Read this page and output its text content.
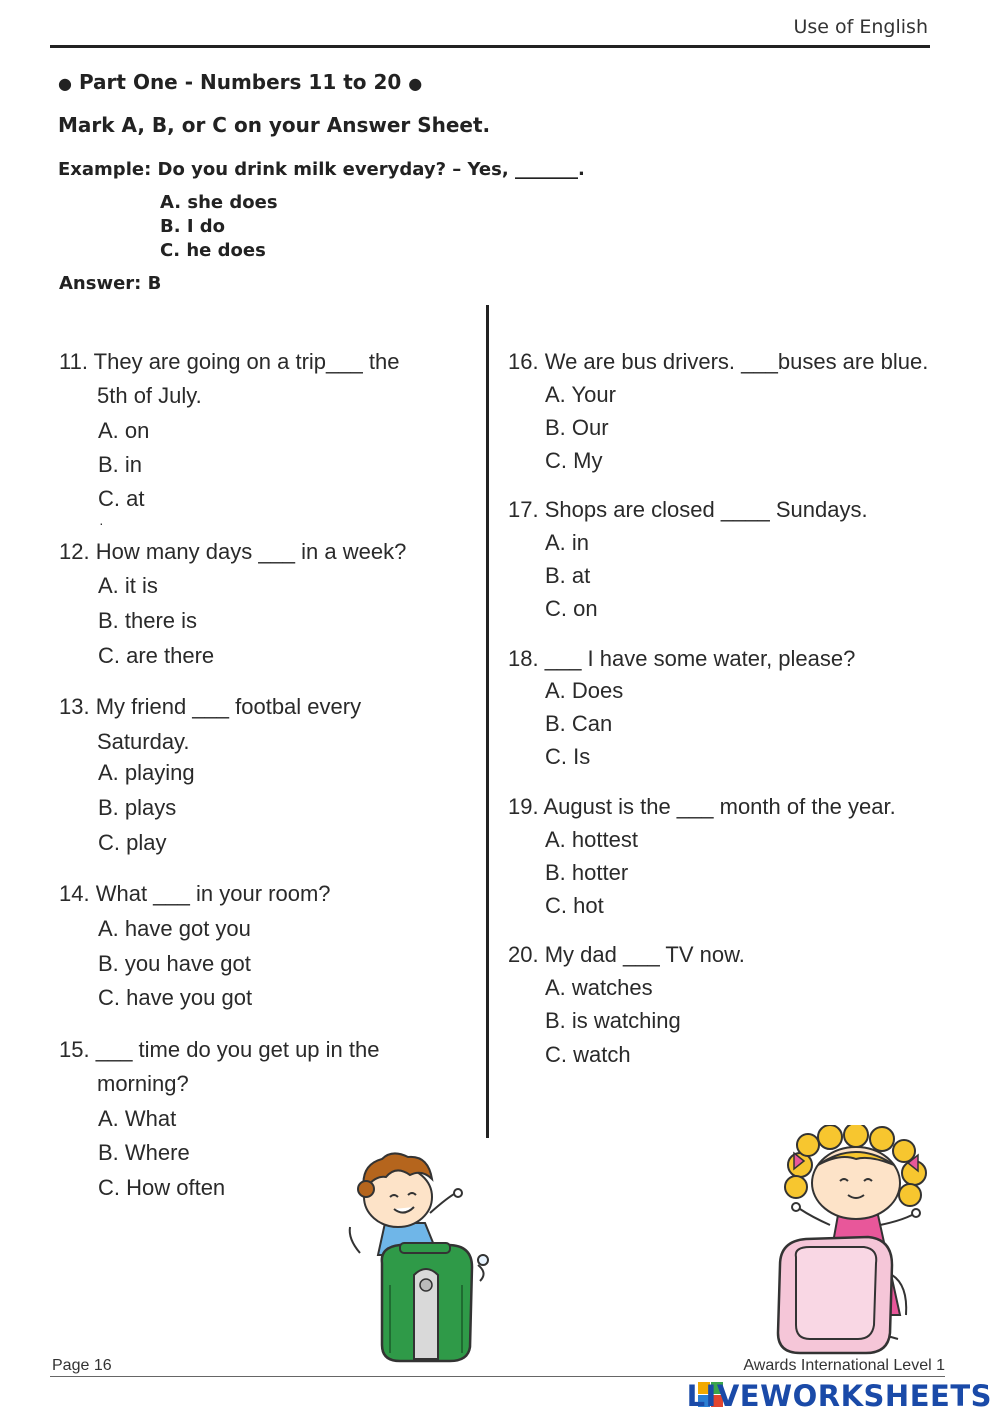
Use of English
● Part One - Numbers 11 to 20 ●
Mark A, B, or C on your Answer Sheet.
Example: Do you drink milk everyday? – Yes, _______.
A. she does
B. I do
C. he does
Answer: B
11. They are going on a trip___ the
5th of July.
A. on
B. in
C. at
·
12. How many days ___ in a week?
A. it is
B. there is
C. are there
13. My friend ___ footbal every
Saturday.
A. playing
B. plays
C. play
14. What ___ in your room?
A. have got you
B. you have got
C. have you got
15. ___ time do you get up in the
morning?
A. What
B. Where
C. How often
16. We are bus drivers. ___buses are blue.
A. Your
B. Our
C. My
17. Shops are closed ____ Sundays.
A. in
B. at
C. on
18. ___ I have some water, please?
A. Does
B. Can
C. Is
19. August is the ___ month of the year.
A. hottest
B. hotter
C. hot
20. My dad ___ TV now.
A. watches
B. is watching
C. watch
Page 16	Awards International Level 1
LIVEWORKSHEETS
